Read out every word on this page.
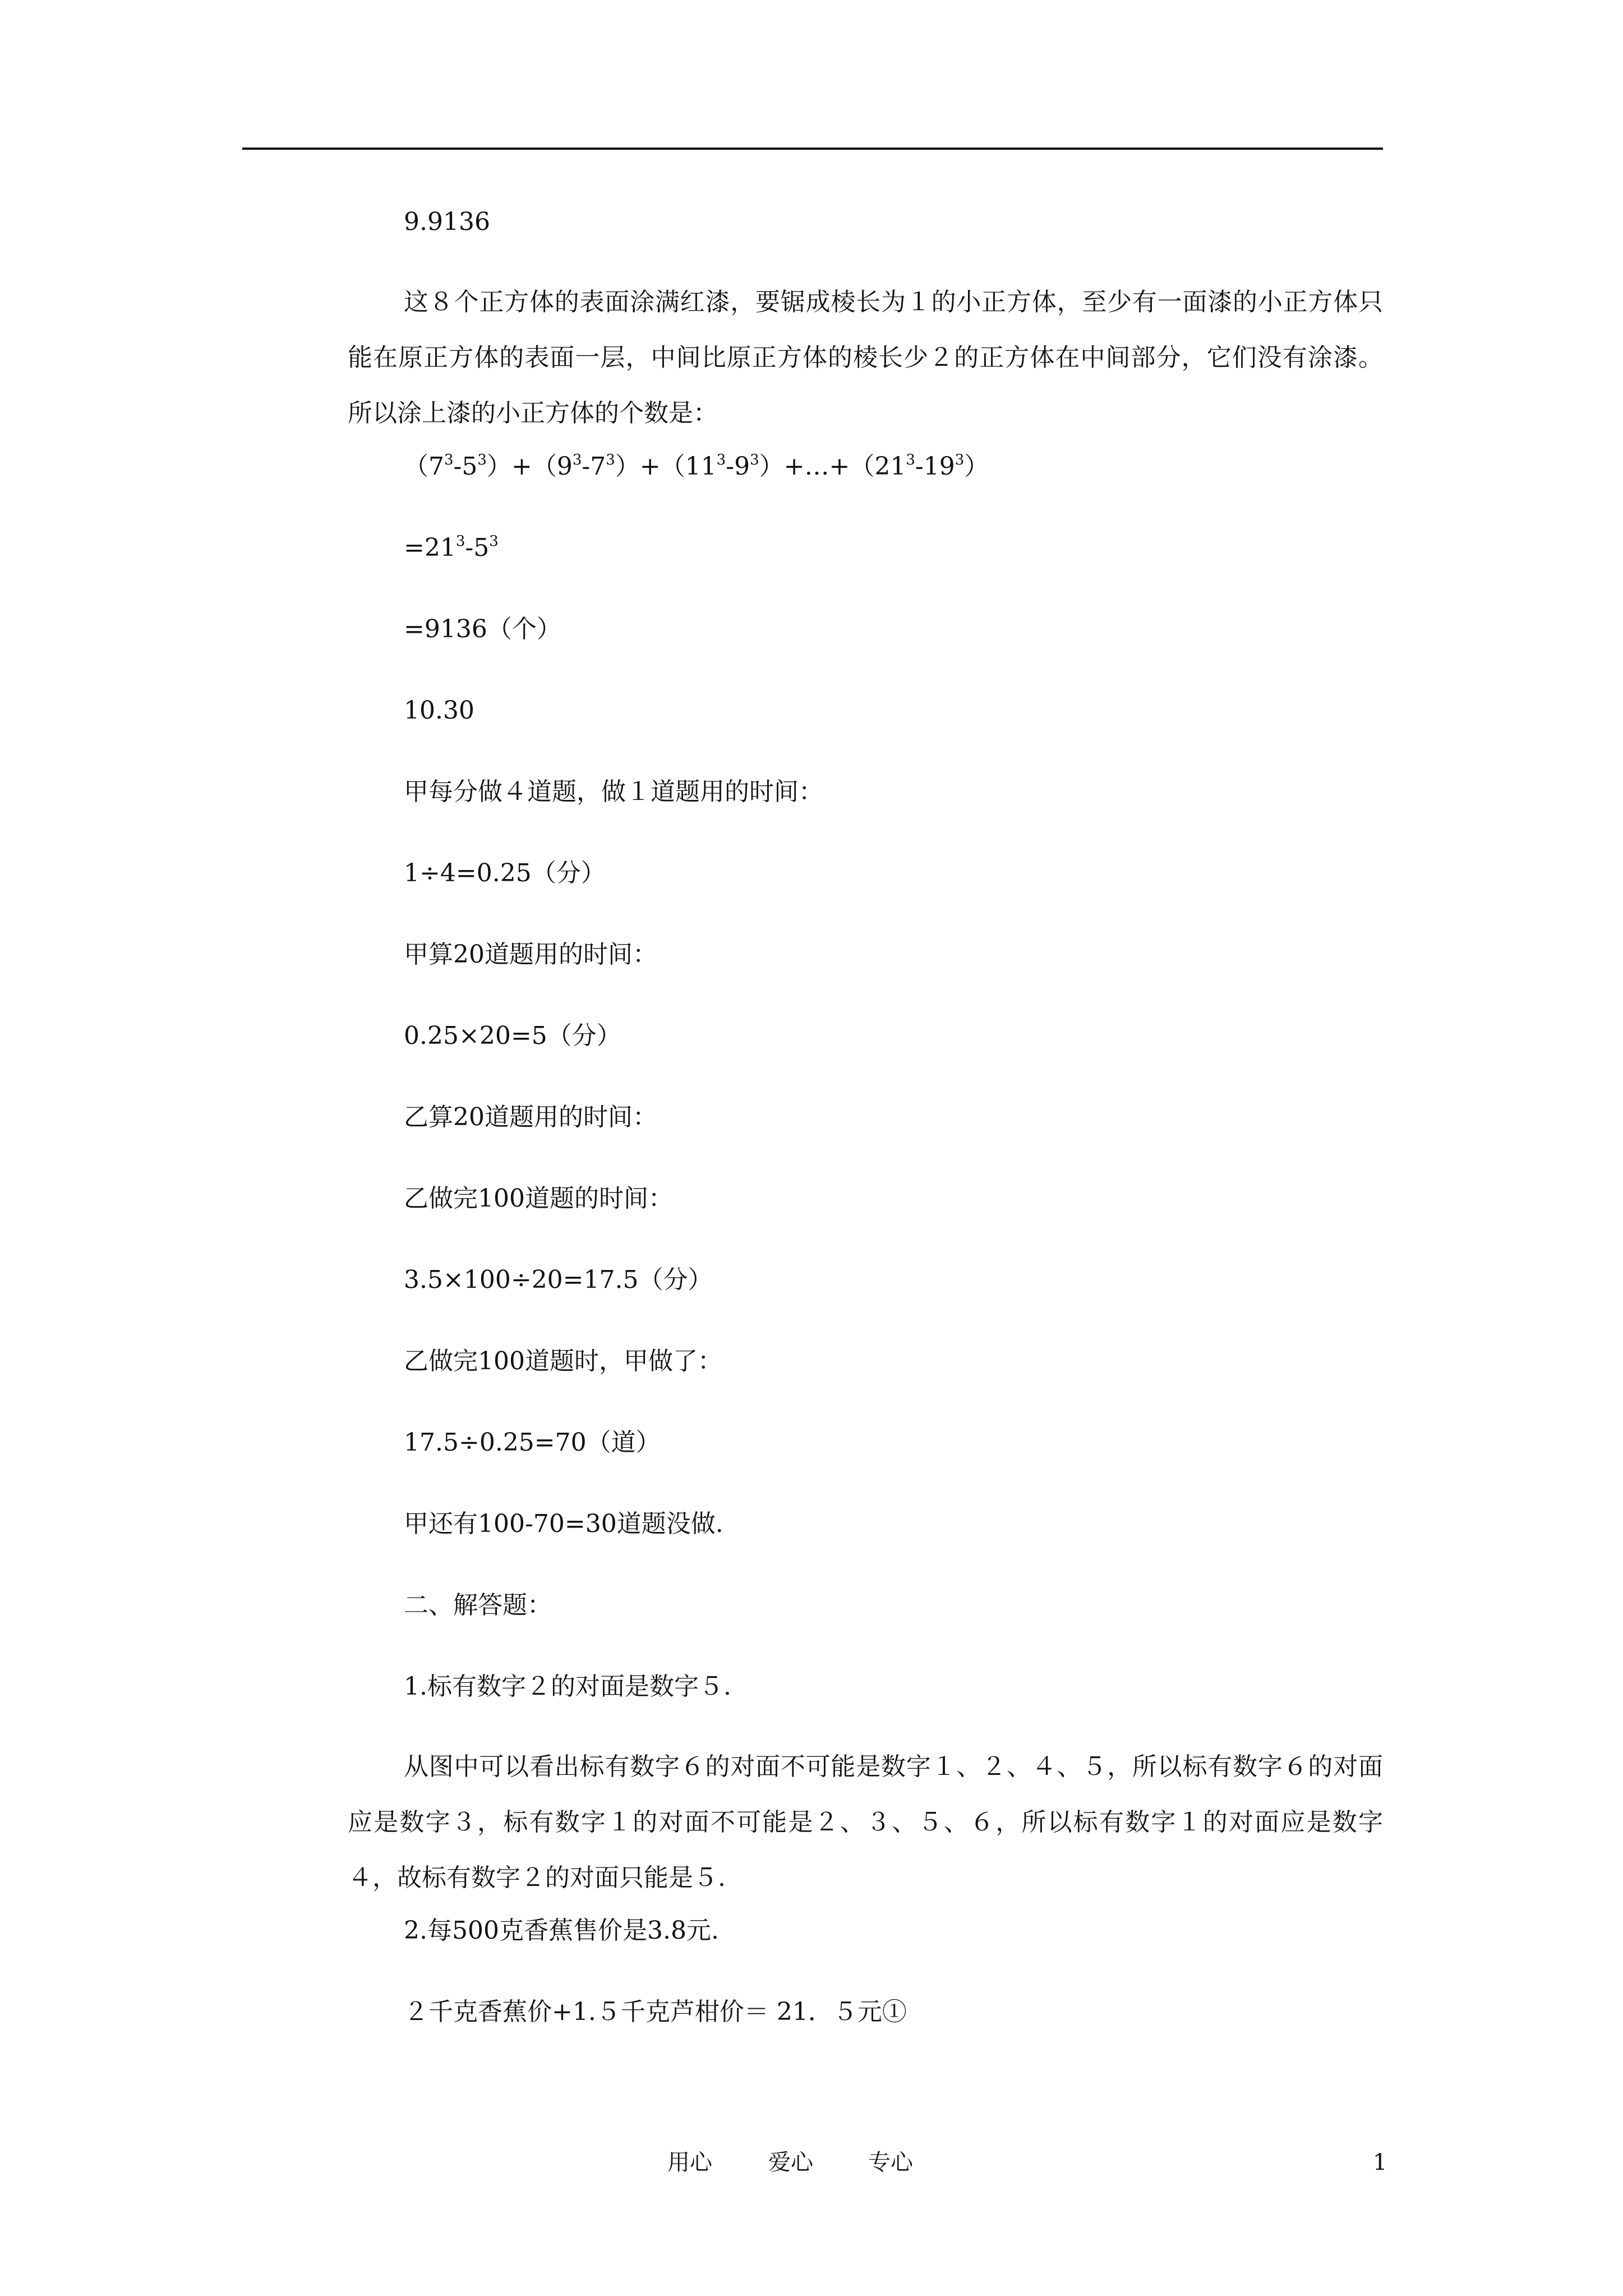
9.9136
这８个正方体的表面涂满红漆，要锯成棱长为１的小正方体，至少有一面漆的小正方体只能在原正方体的表面一层，中间比原正方体的棱长少２的正方体在中间部分，它们没有涂漆。所以涂上漆的小正方体的个数是：
$(7^3-5^3)+(9^3-7^3)+(11^3-9^3)+\dots+(21^3-19^3)$
$=21^3-5^3$
=9136（个）
10.30
甲每分做４道题，做１道题用的时间：
1÷4=0.25（分）
甲算20道题用的时间：
0.25×20=5（分）
乙算20道题用的时间：
乙做完100道题的时间：
3.5×100÷20=17.5（分）
乙做完100道题时，甲做了：
17.5÷0.25=70（道）
甲还有100-70=30道题没做.
二、解答题：
1.标有数字２的对面是数字５.
从图中可以看出标有数字６的对面不可能是数字１、２、４、５，所以标有数字６的对面应是数字３，标有数字１的对面不可能是２、３、５、６，所以标有数字１的对面应是数字４，故标有数字２的对面只能是５.
2.每500克香蕉售价是3.8元.
２千克香蕉价+1.５千克芦柑价＝ 21．５元①
用心	爱心 专心	1
